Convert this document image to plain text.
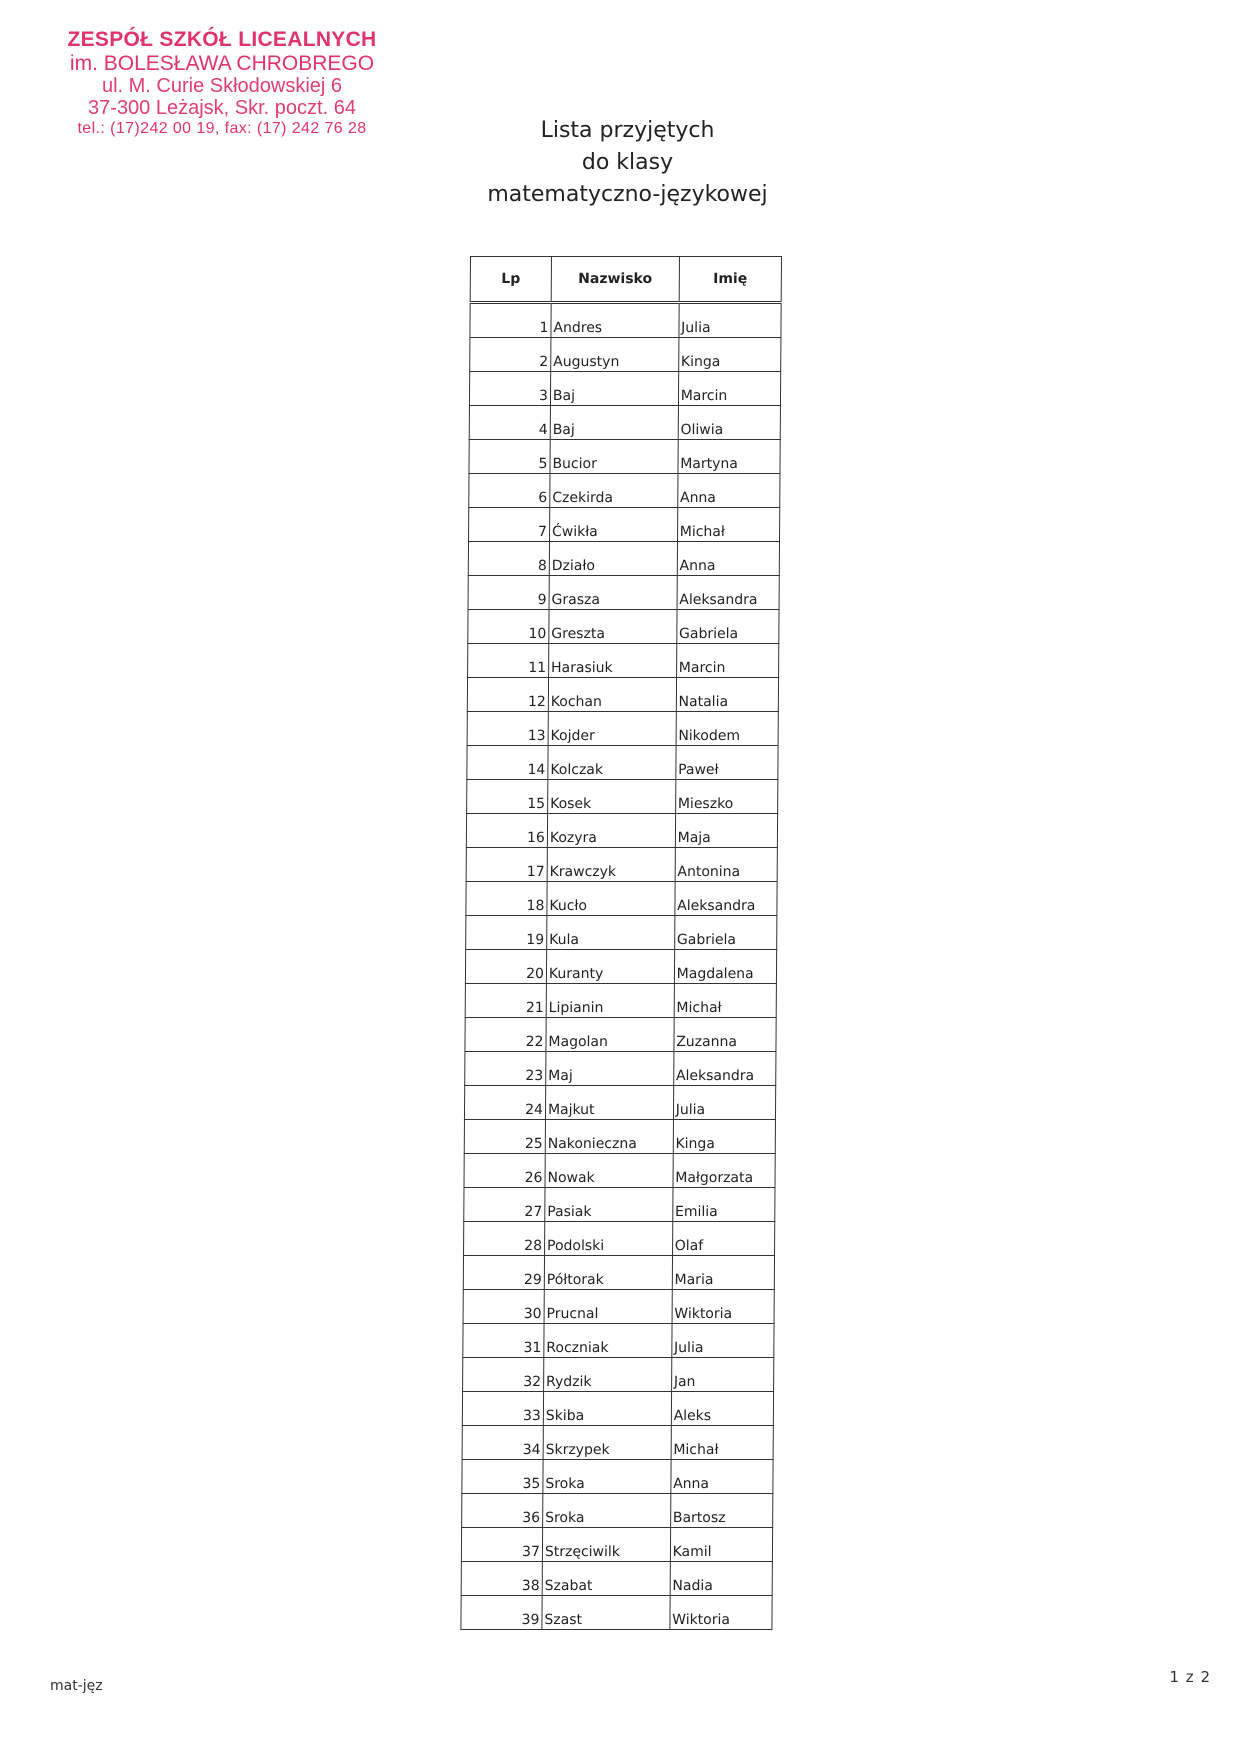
ZESPÓŁ SZKÓŁ LICEALNYCH
im. BOLESŁAWA CHROBREGO
ul. M. Curie Skłodowskiej 6
37-300 Leżajsk, Skr. poczt. 64
tel.: (17)242 00 19, fax: (17) 242 76 28	Lista przyjętych
do klasy
matematyczno-językowej
Lp	Nazwisko	Imię
1	Andres	Julia
2	Augustyn	Kinga
3	Baj	Marcin
4	Baj	Oliwia
5	Bucior	Martyna
6	Czekirda	Anna
7	Ćwikła	Michał
8	Działo	Anna
9	Grasza	Aleksandra
10	Greszta	Gabriela
11	Harasiuk	Marcin
12	Kochan	Natalia
13	Kojder	Nikodem
14	Kolczak	Paweł
15	Kosek	Mieszko
16	Kozyra	Maja
17	Krawczyk	Antonina
18	Kucło	Aleksandra
19	Kula	Gabriela
20	Kuranty	Magdalena
21	Lipianin	Michał
22	Magolan	Zuzanna
23	Maj	Aleksandra
24	Majkut	Julia
25	Nakonieczna	Kinga
26	Nowak	Małgorzata
27	Pasiak	Emilia
28	Podolski	Olaf
29	Półtorak	Maria
30	Prucnal	Wiktoria
31	Roczniak	Julia
32	Rydzik	Jan
33	Skiba	Aleks
34	Skrzypek	Michał
35	Sroka	Anna
36	Sroka	Bartosz
37	Strzęciwilk	Kamil
38	Szabat	Nadia
39	Szast	Wiktoria
mat-jęz	1 z 2
